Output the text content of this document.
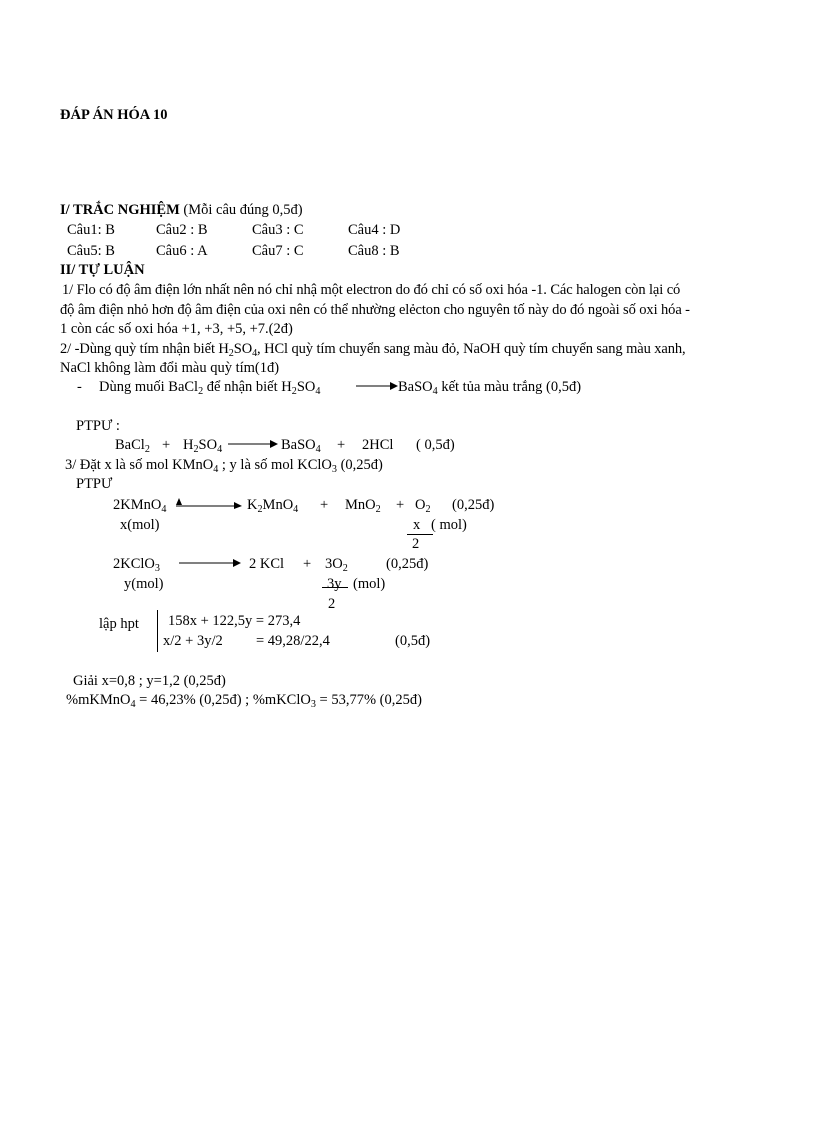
ĐÁP ÁN HÓA 10
I/ TRẮC NGHIỆM (Mỗi câu đúng 0,5đ)
Câu1: B	Câu2 : B	Câu3 : C	Câu4 : D
Câu5: B	Câu6 : A	Câu7 : C	Câu8 : B
II/ TỰ LUẬN
1/ Flo có độ âm điện lớn nhất nên nó chỉ nhậ một electron do đó chỉ có số oxi hóa -1. Các halogen còn lại có
độ âm điện nhỏ hơn độ âm điện của oxi nên có thể nhường elẻcton cho nguyên tố này do đó ngoài số oxi hóa -
1 còn các số oxi hóa +1, +3, +5, +7.(2đ)
2/ -Dùng quỳ tím nhận biết $H_2SO_4$, HCl quỳ tím chuyển sang màu đỏ, NaOH quỳ tím chuyển sang màu xanh,
NaCl không làm đổi màu quỳ tím(1đ)
- Dùng muối BaCl$_2$ để nhận biết $H_2SO_4$ → BaSO$_4$ kết tủa màu trắng (0,5đ)
PTPƯ :
BaCl$_2$ + $H_2SO_4$ → BaSO$_4$ + 2HCl ( 0,5đ)
3/ Đặt x là số mol KMnO$_4$ ; y là số mol KClO$_3$ (0,25đ)
PTPƯ
2KMnO$_4$	$K_2MnO_4 + MnO_2 + O_2$ (0,25đ)
x(mol)	x ( mol)
2
2KClO$_3$	2 KCl + $3O_2$	(0,25đ)
y(mol)	3y (mol)
2
lập hpt 158x + 122,5y = 273,4
x/2 + 3y/2 = 49,28/22,4	(0,5đ)
Giải x=0,8 ; y=1,2 (0,25đ)
%mKMnO$_4$ = 46,23% (0,25đ) ; %mKClO$_3$ = 53,77% (0,25đ)
